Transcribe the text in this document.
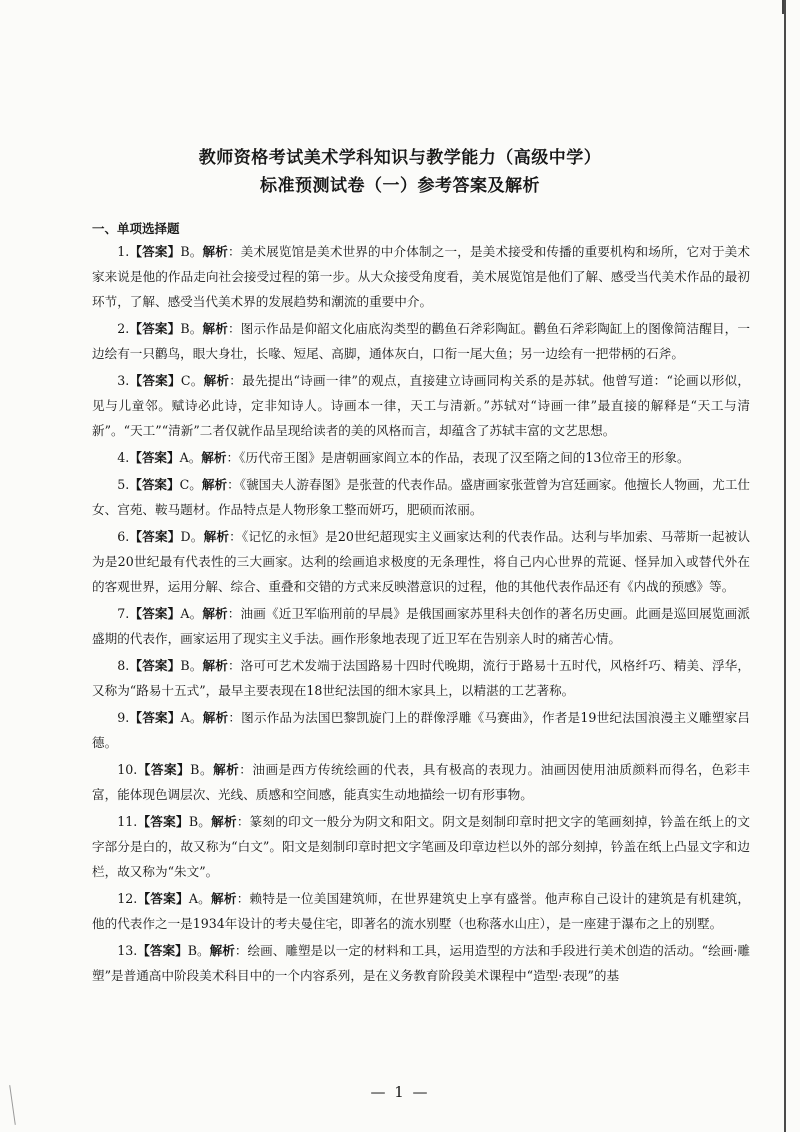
教师资格考试美术学科知识与教学能力（高级中学）
标准预测试卷（一）参考答案及解析
一、单项选择题

1.【答案】B。解析：美术展览馆是美术世界的中介体制之一，是美术接受和传播的重要机构和场所，它对于美术家来说是他的作品走向社会接受过程的第一步。从大众接受角度看，美术展览馆是他们了解、感受当代美术作品的最初环节，了解、感受当代美术界的发展趋势和潮流的重要中介。

2.【答案】B。解析：图示作品是仰韶文化庙底沟类型的鹳鱼石斧彩陶缸。鹳鱼石斧彩陶缸上的图像简洁醒目，一边绘有一只鹳鸟，眼大身壮，长喙、短尾、高脚，通体灰白，口衔一尾大鱼；另一边绘有一把带柄的石斧。

3.【答案】C。解析：最先提出“诗画一律”的观点，直接建立诗画同构关系的是苏轼。他曾写道：“论画以形似，见与儿童邻。赋诗必此诗，定非知诗人。诗画本一律，天工与清新。”苏轼对“诗画一律”最直接的解释是“天工与清新”。“天工”“清新”二者仅就作品呈现给读者的美的风格而言，却蕴含了苏轼丰富的文艺思想。

4.【答案】A。解析：《历代帝王图》是唐朝画家阎立本的作品，表现了汉至隋之间的13位帝王的形象。

5.【答案】C。解析：《虢国夫人游春图》是张萱的代表作品。盛唐画家张萱曾为宫廷画家。他擅长人物画，尤工仕女、宫苑、鞍马题材。作品特点是人物形象工整而妍巧，肥硕而浓丽。

6.【答案】D。解析：《记忆的永恒》是20世纪超现实主义画家达利的代表作品。达利与毕加索、马蒂斯一起被认为是20世纪最有代表性的三大画家。达利的绘画追求极度的无条理性，将自己内心世界的荒诞、怪异加入或替代外在的客观世界，运用分解、综合、重叠和交错的方式来反映潜意识的过程，他的其他代表作品还有《内战的预感》等。

7.【答案】A。解析：油画《近卫军临刑前的早晨》是俄国画家苏里科夫创作的著名历史画。此画是巡回展览画派盛期的代表作，画家运用了现实主义手法。画作形象地表现了近卫军在告别亲人时的痛苦心情。

8.【答案】B。解析：洛可可艺术发端于法国路易十四时代晚期，流行于路易十五时代，风格纤巧、精美、浮华，又称为“路易十五式”，最早主要表现在18世纪法国的细木家具上，以精湛的工艺著称。

9.【答案】A。解析：图示作品为法国巴黎凯旋门上的群像浮雕《马赛曲》，作者是19世纪法国浪漫主义雕塑家吕德。

10.【答案】B。解析：油画是西方传统绘画的代表，具有极高的表现力。油画因使用油质颜料而得名，色彩丰富，能体现色调层次、光线、质感和空间感，能真实生动地描绘一切有形事物。

11.【答案】B。解析：篆刻的印文一般分为阴文和阳文。阴文是刻制印章时把文字的笔画刻掉，钤盖在纸上的文字部分是白的，故又称为“白文”。阳文是刻制印章时把文字笔画及印章边栏以外的部分刻掉，钤盖在纸上凸显文字和边栏，故又称为“朱文”。

12.【答案】A。解析：赖特是一位美国建筑师，在世界建筑史上享有盛誉。他声称自己设计的建筑是有机建筑，他的代表作之一是1934年设计的考夫曼住宅，即著名的流水别墅（也称落水山庄），是一座建于瀑布之上的别墅。

13.【答案】B。解析：绘画、雕塑是以一定的材料和工具，运用造型的方法和手段进行美术创造的活动。“绘画·雕塑”是普通高中阶段美术科目中的一个内容系列，是在义务教育阶段美术课程中“造型·表现”的基

— 1 —
